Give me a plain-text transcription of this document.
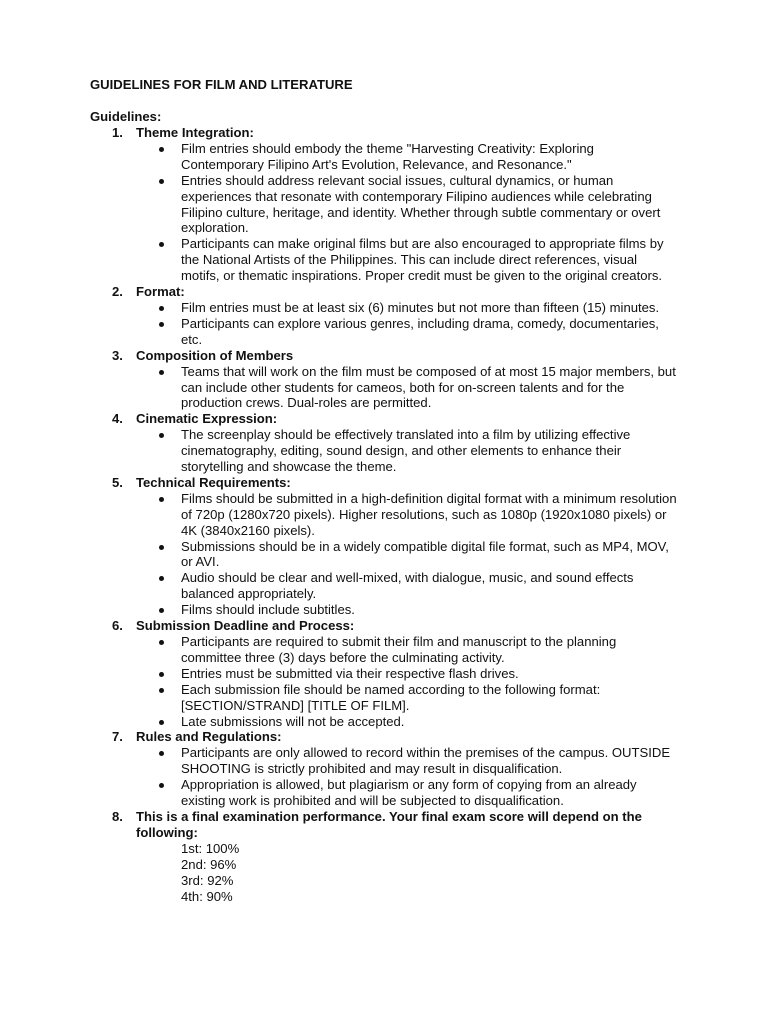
GUIDELINES FOR FILM AND LITERATURE
Guidelines:
1. Theme Integration:
Film entries should embody the theme "Harvesting Creativity: Exploring Contemporary Filipino Art's Evolution, Relevance, and Resonance."
Entries should address relevant social issues, cultural dynamics, or human experiences that resonate with contemporary Filipino audiences while celebrating Filipino culture, heritage, and identity. Whether through subtle commentary or overt exploration.
Participants can make original films but are also encouraged to appropriate films by the National Artists of the Philippines. This can include direct references, visual motifs, or thematic inspirations. Proper credit must be given to the original creators.
2. Format:
Film entries must be at least six (6) minutes but not more than fifteen (15) minutes.
Participants can explore various genres, including drama, comedy, documentaries, etc.
3. Composition of Members
Teams that will work on the film must be composed of at most 15 major members, but can include other students for cameos, both for on-screen talents and for the production crews. Dual-roles are permitted.
4. Cinematic Expression:
The screenplay should be effectively translated into a film by utilizing effective cinematography, editing, sound design, and other elements to enhance their storytelling and showcase the theme.
5. Technical Requirements:
Films should be submitted in a high-definition digital format with a minimum resolution of 720p (1280x720 pixels). Higher resolutions, such as 1080p (1920x1080 pixels) or 4K (3840x2160 pixels).
Submissions should be in a widely compatible digital file format, such as MP4, MOV, or AVI.
Audio should be clear and well-mixed, with dialogue, music, and sound effects balanced appropriately.
Films should include subtitles.
6. Submission Deadline and Process:
Participants are required to submit their film and manuscript to the planning committee three (3) days before the culminating activity.
Entries must be submitted via their respective flash drives.
Each submission file should be named according to the following format: [SECTION/STRAND] [TITLE OF FILM].
Late submissions will not be accepted.
7. Rules and Regulations:
Participants are only allowed to record within the premises of the campus. OUTSIDE SHOOTING is strictly prohibited and may result in disqualification.
Appropriation is allowed, but plagiarism or any form of copying from an already existing work is prohibited and will be subjected to disqualification.
8. This is a final examination performance. Your final exam score will depend on the following:
1st: 100%
2nd: 96%
3rd: 92%
4th: 90%
